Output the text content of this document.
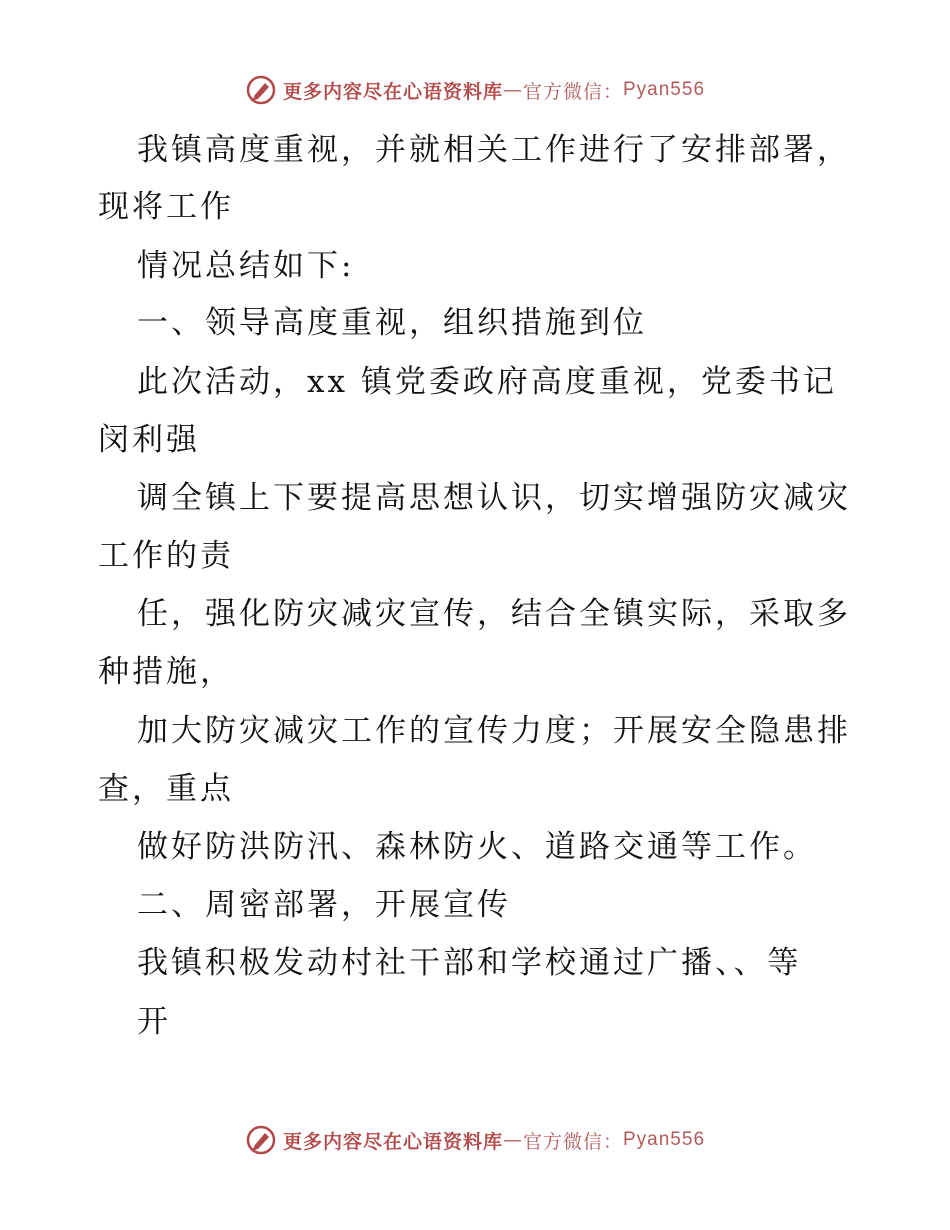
更多内容尽在心语资料库 — 官方微信： Pyan556
我镇高度重视，并就相关工作进行了安排部署，
现将工作
情况总结如下:
一、领导高度重视，组织措施到位
此次活动，xx 镇党委政府高度重视，党委书记
闵利强
调全镇上下要提高思想认识，切实增强防灾减灾
工作的责
任，强化防灾减灾宣传，结合全镇实际，采取多
种措施，
加大防灾减灾工作的宣传力度；开展安全隐患排
查，重点
做好防洪防汛、森林防火、道路交通等工作。
二、周密部署，开展宣传
我镇积极发动村社干部和学校通过广播、、等
开
更多内容尽在心语资料库 — 官方微信： Pyan556
